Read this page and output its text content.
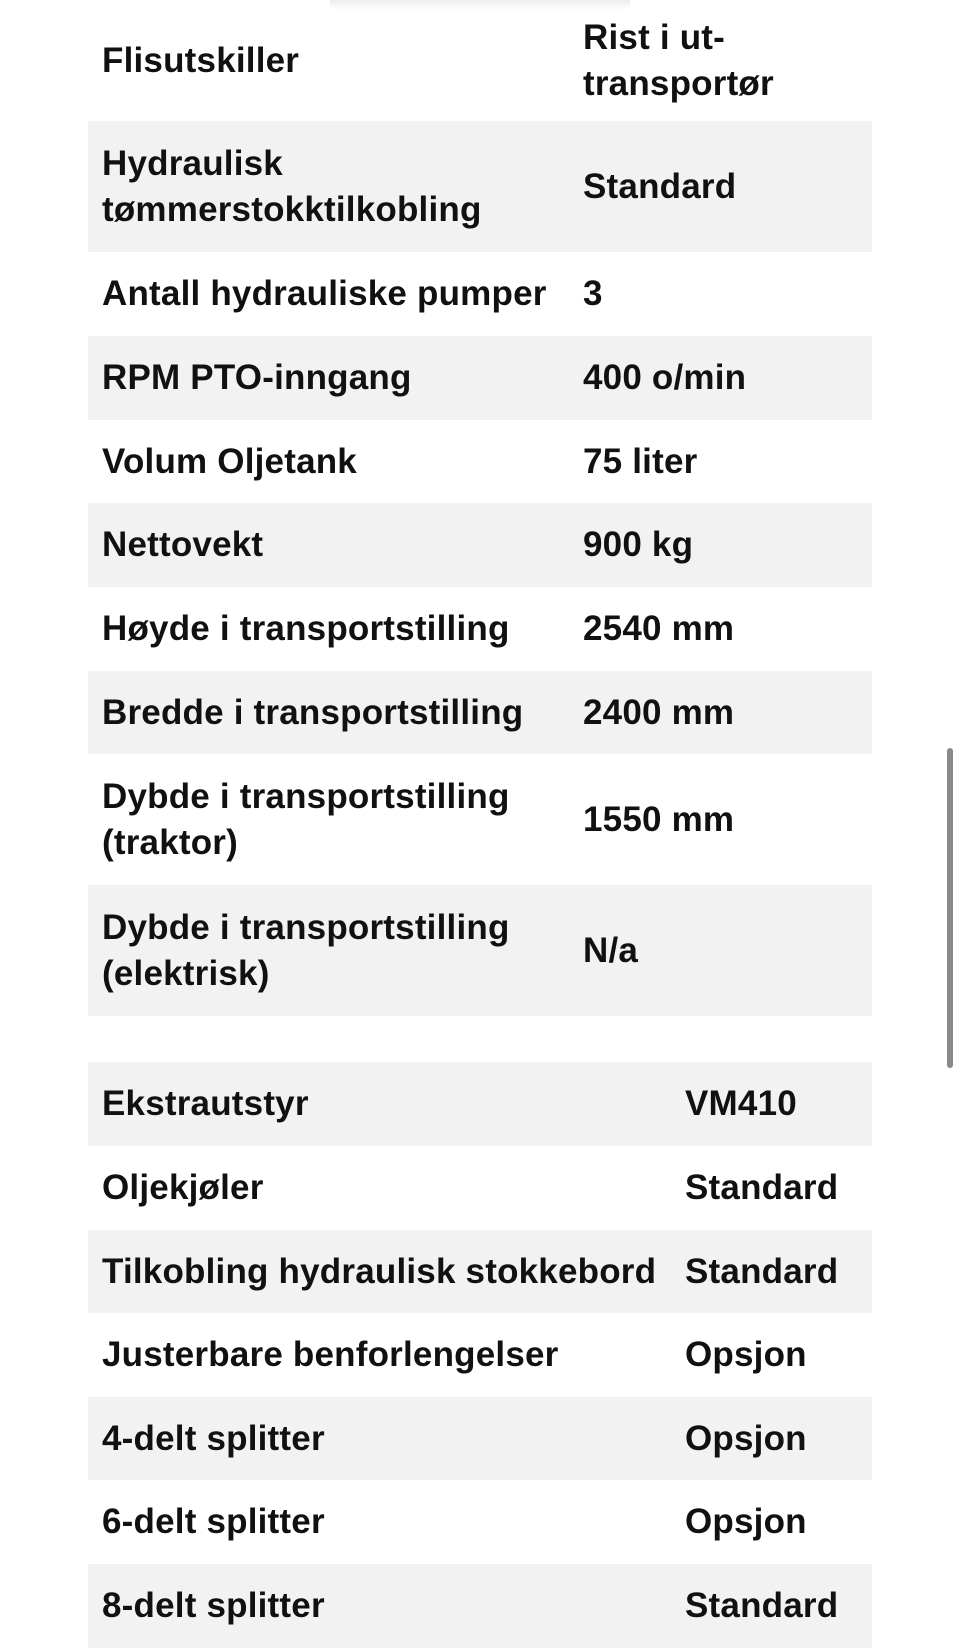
Flisutskiller	Rist i ut-transportør
Hydraulisk tømmerstokktilkobling	Standard
Antall hydrauliske pumper	3
RPM PTO-inngang	400 o/min
Volum Oljetank	75 liter
Nettovekt	900 kg
Høyde i transportstilling	2540 mm
Bredde i transportstilling	2400 mm
Dybde i transportstilling (traktor)	1550 mm
Dybde i transportstilling (elektrisk)	N/a
Ekstrautstyr	VM410
Oljekjøler	Standard
Tilkobling hydraulisk stokkebord	Standard
Justerbare benforlengelser	Opsjon
4-delt splitter	Opsjon
6-delt splitter	Opsjon
8-delt splitter	Standard
